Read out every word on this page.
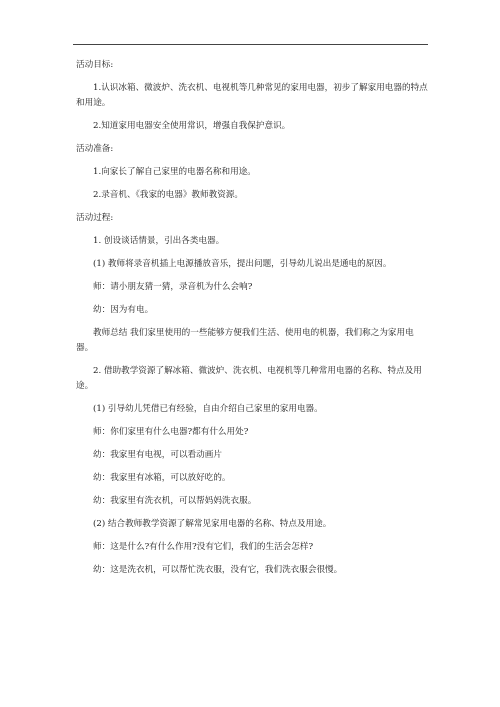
活动目标:

1.认识冰箱、微波炉、洗衣机、电视机等几种常见的家用电器，初步了解家用电器的特点和用途。

2.知道家用电器安全使用常识，增强自我保护意识。

活动准备:

1.向家长了解自己家里的电器名称和用途。

2.录音机、《我家的电器》教师教资源。

活动过程:

1. 创设谈话情景，引出各类电器。

(1) 教师将录音机插上电源播放音乐，提出问题，引导幼儿说出是通电的原因。

师：请小朋友猜一猜，录音机为什么会响?

幼：因为有电。

教师总结 我们家里使用的一些能够方便我们生活、使用电的机器，我们称之为家用电器。

2. 借助教学资源了解冰箱、微波炉、洗衣机、电视机等几种常用电器的名称、特点及用途。

(1) 引导幼儿凭借已有经验，自由介绍自己家里的家用电器。

师：你们家里有什么电器?都有什么用处?

幼：我家里有电视，可以看动画片

幼：我家里有冰箱，可以放好吃的。

幼：我家里有洗衣机，可以帮妈妈洗衣服。

(2) 结合教师教学资源了解常见家用电器的名称、特点及用途。

师：这是什么?有什么作用?没有它们，我们的生活会怎样?

幼：这是洗衣机，可以帮忙洗衣服，没有它，我们洗衣服会很慢。
